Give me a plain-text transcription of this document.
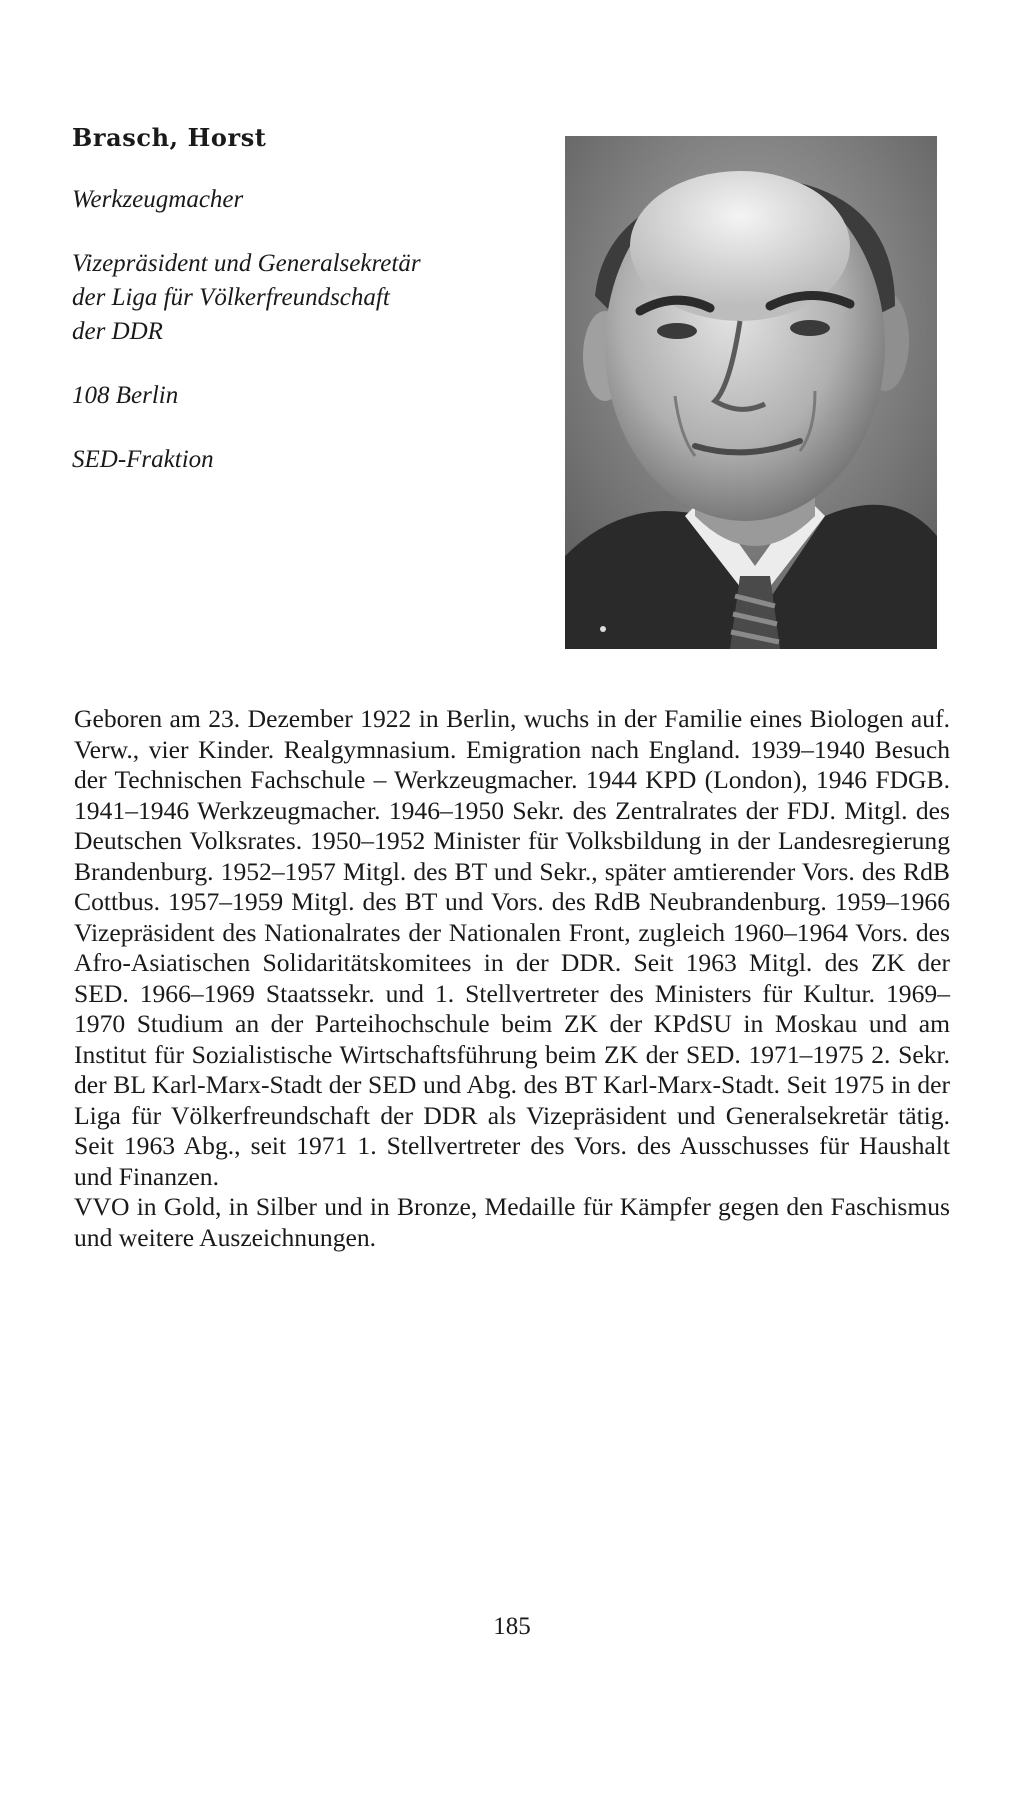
Brasch, Horst

Werkzeugmacher

Vizepräsident und Generalsekretär

der Liga für Völkerfreundschaft

der DDR

108 Berlin

SED-Fraktion

Geboren am 23. Dezember 1922 in Berlin, wuchs in der Familie eines Biologen auf. Verw., vier Kinder. Realgymnasium. Emigration nach England. 1939–1940 Besuch der Technischen Fachschule – Werkzeugmacher. 1944 KPD (London), 1946 FDGB. 1941–1946 Werkzeugmacher. 1946–1950 Sekr. des Zentralrates der FDJ. Mitgl. des Deutschen Volksrates. 1950–1952 Minister für Volksbildung in der Landesregierung Brandenburg. 1952–1957 Mitgl. des BT und Sekr., später amtierender Vors. des RdB Cottbus. 1957–1959 Mitgl. des BT und Vors. des RdB Neubrandenburg. 1959–1966 Vizepräsident des Nationalrates der Nationalen Front, zugleich 1960–1964 Vors. des Afro-Asiatischen Solidaritätskomitees in der DDR. Seit 1963 Mitgl. des ZK der SED. 1966–1969 Staatssekr. und 1. Stellvertreter des Ministers für Kultur. 1969–1970 Studium an der Parteihochschule beim ZK der KPdSU in Moskau und am Institut für Sozialistische Wirtschaftsführung beim ZK der SED. 1971–1975 2. Sekr. der BL Karl-Marx-Stadt der SED und Abg. des BT Karl-Marx-Stadt. Seit 1975 in der Liga für Völkerfreundschaft der DDR als Vizepräsident und Generalsekretär tätig. Seit 1963 Abg., seit 1971 1. Stellvertreter des Vors. des Ausschusses für Haushalt und Finanzen.

VVO in Gold, in Silber und in Bronze, Medaille für Kämpfer gegen den Faschismus und weitere Auszeichnungen.

185
